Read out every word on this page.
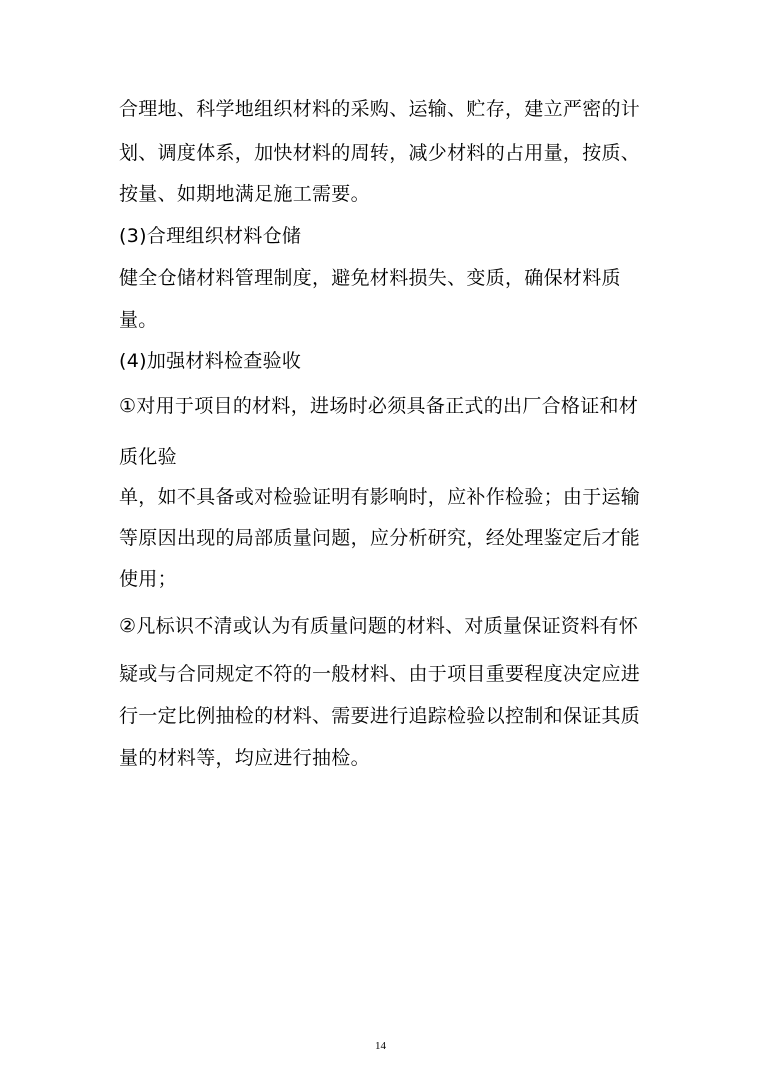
合理地、科学地组织材料的采购、运输、贮存，建立严密的计
划、调度体系，加快材料的周转，减少材料的占用量，按质、
按量、如期地满足施工需要。
(3)合理组织材料仓储
健全仓储材料管理制度，避免材料损失、变质，确保材料质
量。
(4)加强材料检查验收
①对用于项目的材料，进场时必须具备正式的出厂合格证和材
质化验
单，如不具备或对检验证明有影响时，应补作检验；由于运输
等原因出现的局部质量问题，应分析研究，经处理鉴定后才能
使用；
②凡标识不清或认为有质量问题的材料、对质量保证资料有怀
疑或与合同规定不符的一般材料、由于项目重要程度决定应进
行一定比例抽检的材料、需要进行追踪检验以控制和保证其质
量的材料等，均应进行抽检。
14
